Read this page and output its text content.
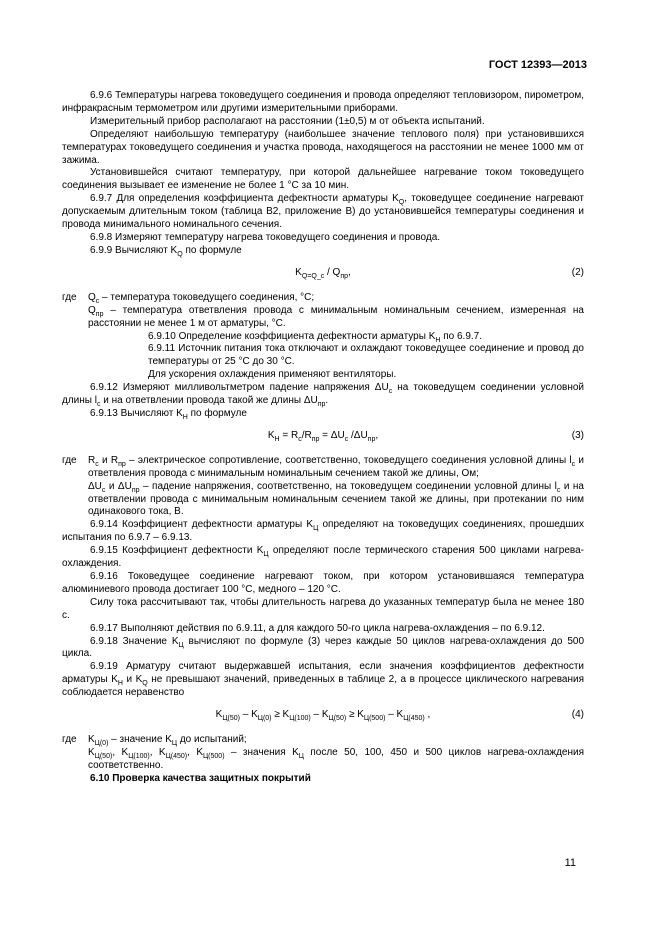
ГОСТ 12393—2013

6.9.6 Температуры нагрева токоведущего соединения и провода определяют тепловизором, пирометром, инфракрасным термометром или другими измерительными приборами.

Измерительный прибор располагают на расстоянии (1±0,5) м от объекта испытаний.

Определяют наибольшую температуру (наибольшее значение теплового поля) при установившихся температурах токоведущего соединения и участка провода, находящегося на расстоянии не менее 1000 мм от зажима.

Установившейся считают температуру, при которой дальнейшее нагревание током токоведущего соединения вызывает ее изменение не более 1 °С за 10 мин.

6.9.7 Для определения коэффициента дефектности арматуры $K_Q$, токоведущее соединение нагревают допускаемым длительным током (таблица В2, приложение В) до установившейся температуры соединения и провода минимального номинального сечения.

6.9.8 Измеряют температуру нагрева токоведущего соединения и провода.

6.9.9 Вычисляют $K_Q$ по формуле

$K_{Q=Q\_c} / Q_{пр}$,	(2)
где	$Q_c$ – температура токоведущего соединения, °С;

$Q_{пр}$ – температура ответвления провода с минимальным номинальным сечением, измеренная на расстоянии не менее 1 м от арматуры, °С.

6.9.10 Определение коэффициента дефектности арматуры $K_H$ по 6.9.7.

6.9.11 Источник питания тока отключают и охлаждают токоведущее соединение и провод до температуры от 25 °С до 30 °С.

Для ускорения охлаждения применяют вентиляторы.

6.9.12 Измеряют милливольтметром падение напряжения $\Delta U_c$ на токоведущем соединении условной длины $l_c$ и на ответвлении провода такой же длины $\Delta U_{пр}$.

6.9.13 Вычисляют $K_H$ по формуле

$K_H = R_c/R_{пр} = \Delta U_c$ $/\Delta U_{пр}$,	(3)
где	$R_c$ и $R_{пр}$ – электрическое сопротивление, соответственно, токоведущего соединения условной длины $l_c$ и ответвления провода с минимальным номинальным сечением такой же длины, Ом;

$\Delta U_c$ и $\Delta U_{пр}$ – падение напряжения, соответственно, на токоведущем соединении условной длины $l_c$ и на ответвлении провода с минимальным номинальным сечением такой же длины, при протекании по ним одинакового тока, В.

6.9.14 Коэффициент дефектности арматуры $K_Ц$ определяют на токоведущих соединениях, прошедших испытания по 6.9.7 – 6.9.13.

6.9.15 Коэффициент дефектности $K_Ц$ определяют после термического старения 500 циклами нагрева-охлаждения.

6.9.16 Токоведущее соединение нагревают током, при котором установившаяся температура алюминиевого провода достигает 100 °С, медного – 120 °С.

Силу тока рассчитывают так, чтобы длительность нагрева до указанных температур была не менее 180 с.

6.9.17 Выполняют действия по 6.9.11, а для каждого 50-го цикла нагрева-охлаждения – по 6.9.12.

6.9.18 Значение $K_Ц$ вычисляют по формуле (3) через каждые 50 циклов нагрева-охлаждения до 500 цикла.

6.9.19 Арматуру считают выдержавшей испытания, если значения коэффициентов дефектности арматуры $K_H$ и $K_Q$ не превышают значений, приведенных в таблице 2, а в процессе циклического нагревания соблюдается неравенство

$K_{Ц(50)} - K_{Ц(0)} \ge K_{Ц(100)} - K_{Ц(50)} \ge K_{Ц(500)} - K_{Ц(450)}$ ,	(4)
где	$K_{Ц(0)}$ – значение $K_Ц$ до испытаний;

$K_{Ц(50)}$, $K_{Ц(100)}$, $K_{Ц(450)}$, $K_{Ц(500)}$ – значения $K_Ц$ после 50, 100, 450 и 500 циклов нагрева-охлаждения соответственно.

6.10 Проверка качества защитных покрытий

11
